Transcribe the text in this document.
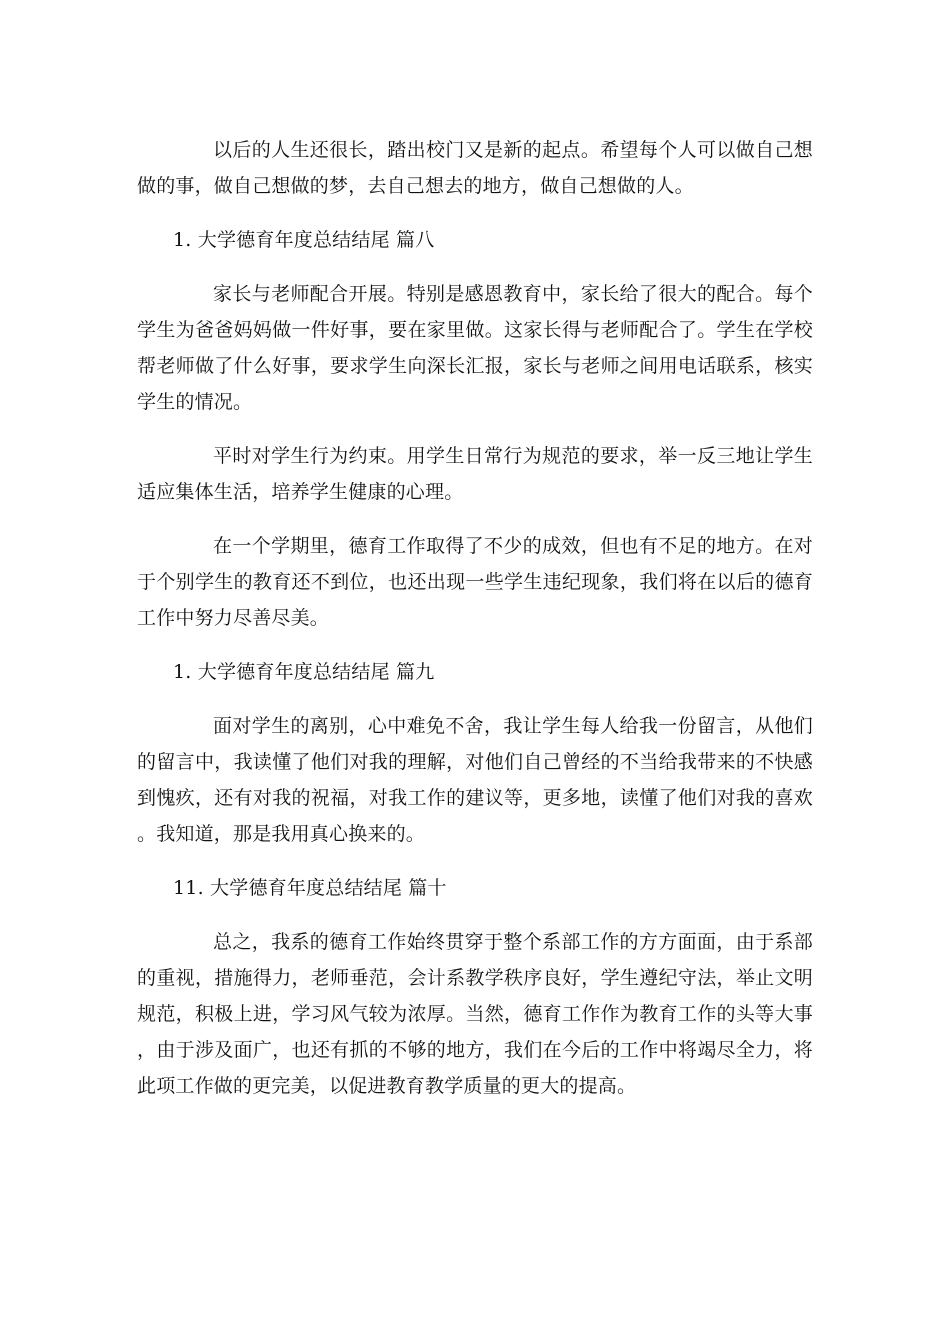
以后的人生还很长，踏出校门又是新的起点。希望每个人可以做自己想做的事，做自己想做的梦，去自己想去的地方，做自己想做的人。

1. 大学德育年度总结结尾 篇八

家长与老师配合开展。特别是感恩教育中，家长给了很大的配合。每个学生为爸爸妈妈做一件好事，要在家里做。这家长得与老师配合了。学生在学校帮老师做了什么好事，要求学生向深长汇报，家长与老师之间用电话联系，核实学生的情况。

平时对学生行为约束。用学生日常行为规范的要求，举一反三地让学生适应集体生活，培养学生健康的心理。

在一个学期里，德育工作取得了不少的成效，但也有不足的地方。在对于个别学生的教育还不到位，也还出现一些学生违纪现象，我们将在以后的德育工作中努力尽善尽美。

1. 大学德育年度总结结尾 篇九

面对学生的离别，心中难免不舍，我让学生每人给我一份留言，从他们的留言中，我读懂了他们对我的理解，对他们自己曾经的不当给我带来的不快感到愧疚，还有对我的祝福，对我工作的建议等，更多地，读懂了他们对我的喜欢。我知道，那是我用真心换来的。

11. 大学德育年度总结结尾 篇十

总之，我系的德育工作始终贯穿于整个系部工作的方方面面，由于系部的重视，措施得力，老师垂范，会计系教学秩序良好，学生遵纪守法，举止文明规范，积极上进，学习风气较为浓厚。当然，德育工作作为教育工作的头等大事，由于涉及面广，也还有抓的不够的地方，我们在今后的工作中将竭尽全力，将此项工作做的更完美，以促进教育教学质量的更大的提高。
